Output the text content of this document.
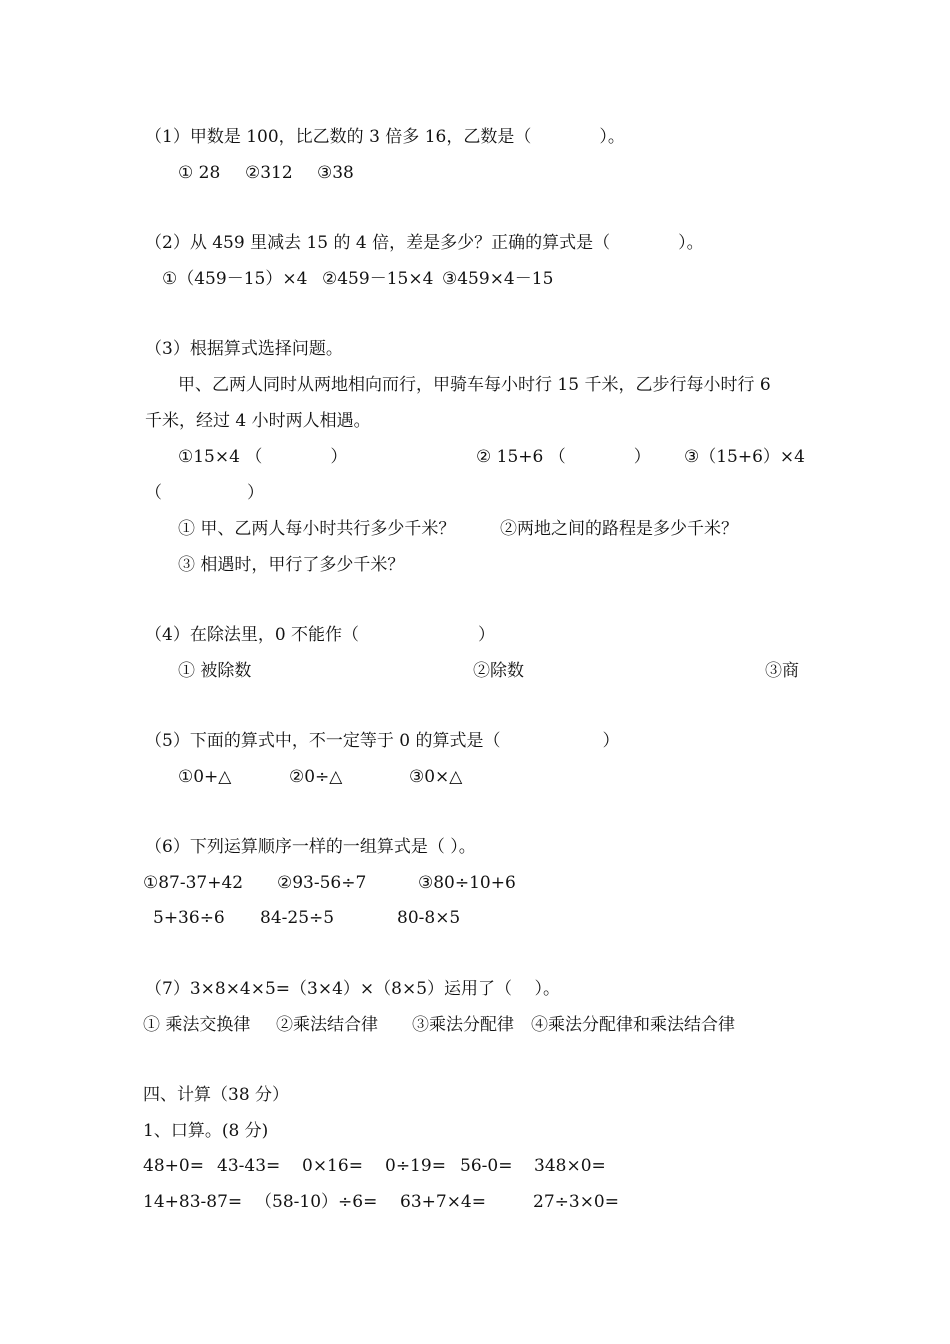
（1）甲数是 100，比乙数的 3 倍多 16，乙数是（　　　　）。
① 28 ②312 ③38
（2）从 459 里减去 15 的 4 倍，差是多少？正确的算式是（　　　　）。
①（459－15）×4 ②459－15×4 ③459×4－15
（3）根据算式选择问题。
甲、乙两人同时从两地相向而行，甲骑车每小时行 15 千米，乙步行每小时行 6
千米，经过 4 小时两人相遇。
①15×4 （　　　　）	② 15+6 （　　　　） ③（15+6）×4
（　　　　　）
① 甲、乙两人每小时共行多少千米？	②两地之间的路程是多少千米？
③ 相遇时，甲行了多少千米？
（4）在除法里，0 不能作（　　　　　　　）
① 被除数	②除数	③商
（5）下面的算式中，不一定等于 0 的算式是（　　　　　　）
①0+△	②0÷△	③0×△
（6）下列运算顺序一样的一组算式是（ ）。
①87-37+42 ②93-56÷7	③80÷10+6
5+36÷6 84-25÷5	80-8×5
（7）3×8×4×5=（3×4）×（8×5）运用了（　 ）。
① 乘法交换律 ②乘法结合律 ③乘法分配律 ④乘法分配律和乘法结合律
四、计算（38 分）
1、口算。(8 分)
48+0= 43-43= 0×16= 0÷19= 56-0= 348×0=
14+83-87= （58-10）÷6= 63+7×4=	27÷3×0=
